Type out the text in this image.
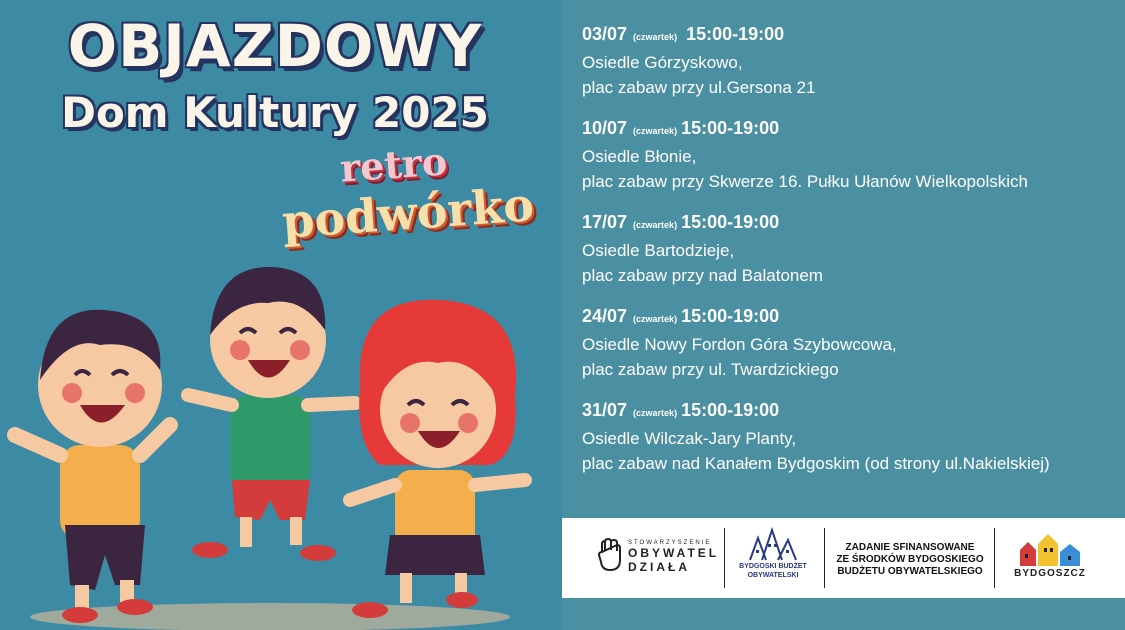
OBJAZDOWY
Dom Kultury 2025
retro
podwórko
03/07 (czwartek) 15:00-19:00
Osiedle Górzyskowo,
plac zabaw przy ul.Gersona 21
10/07 (czwartek) 15:00-19:00
Osiedle Błonie,
plac zabaw przy Skwerze 16. Pułku Ułanów Wielkopolskich
17/07 (czwartek) 15:00-19:00
Osiedle Bartodzieje,
plac zabaw przy nad Balatonem
24/07 (czwartek) 15:00-19:00
Osiedle Nowy Fordon Góra Szybowcowa,
plac zabaw przy ul. Twardzickiego
31/07 (czwartek) 15:00-19:00
Osiedle Wilczak-Jary Planty,
plac zabaw nad Kanałem Bydgoskim (od strony ul.Nakielskiej)
STOWARZYSZENIE
OBYWATEL
DZIAŁA	BYDGOSKI BUDŻET
OBYWATELSKI
ZADANIE SFINANSOWANE
ZE ŚRODKÓW BYDGOSKIEGO
BUDŻETU OBYWATELSKIEGO	BYDGOSZCZ
